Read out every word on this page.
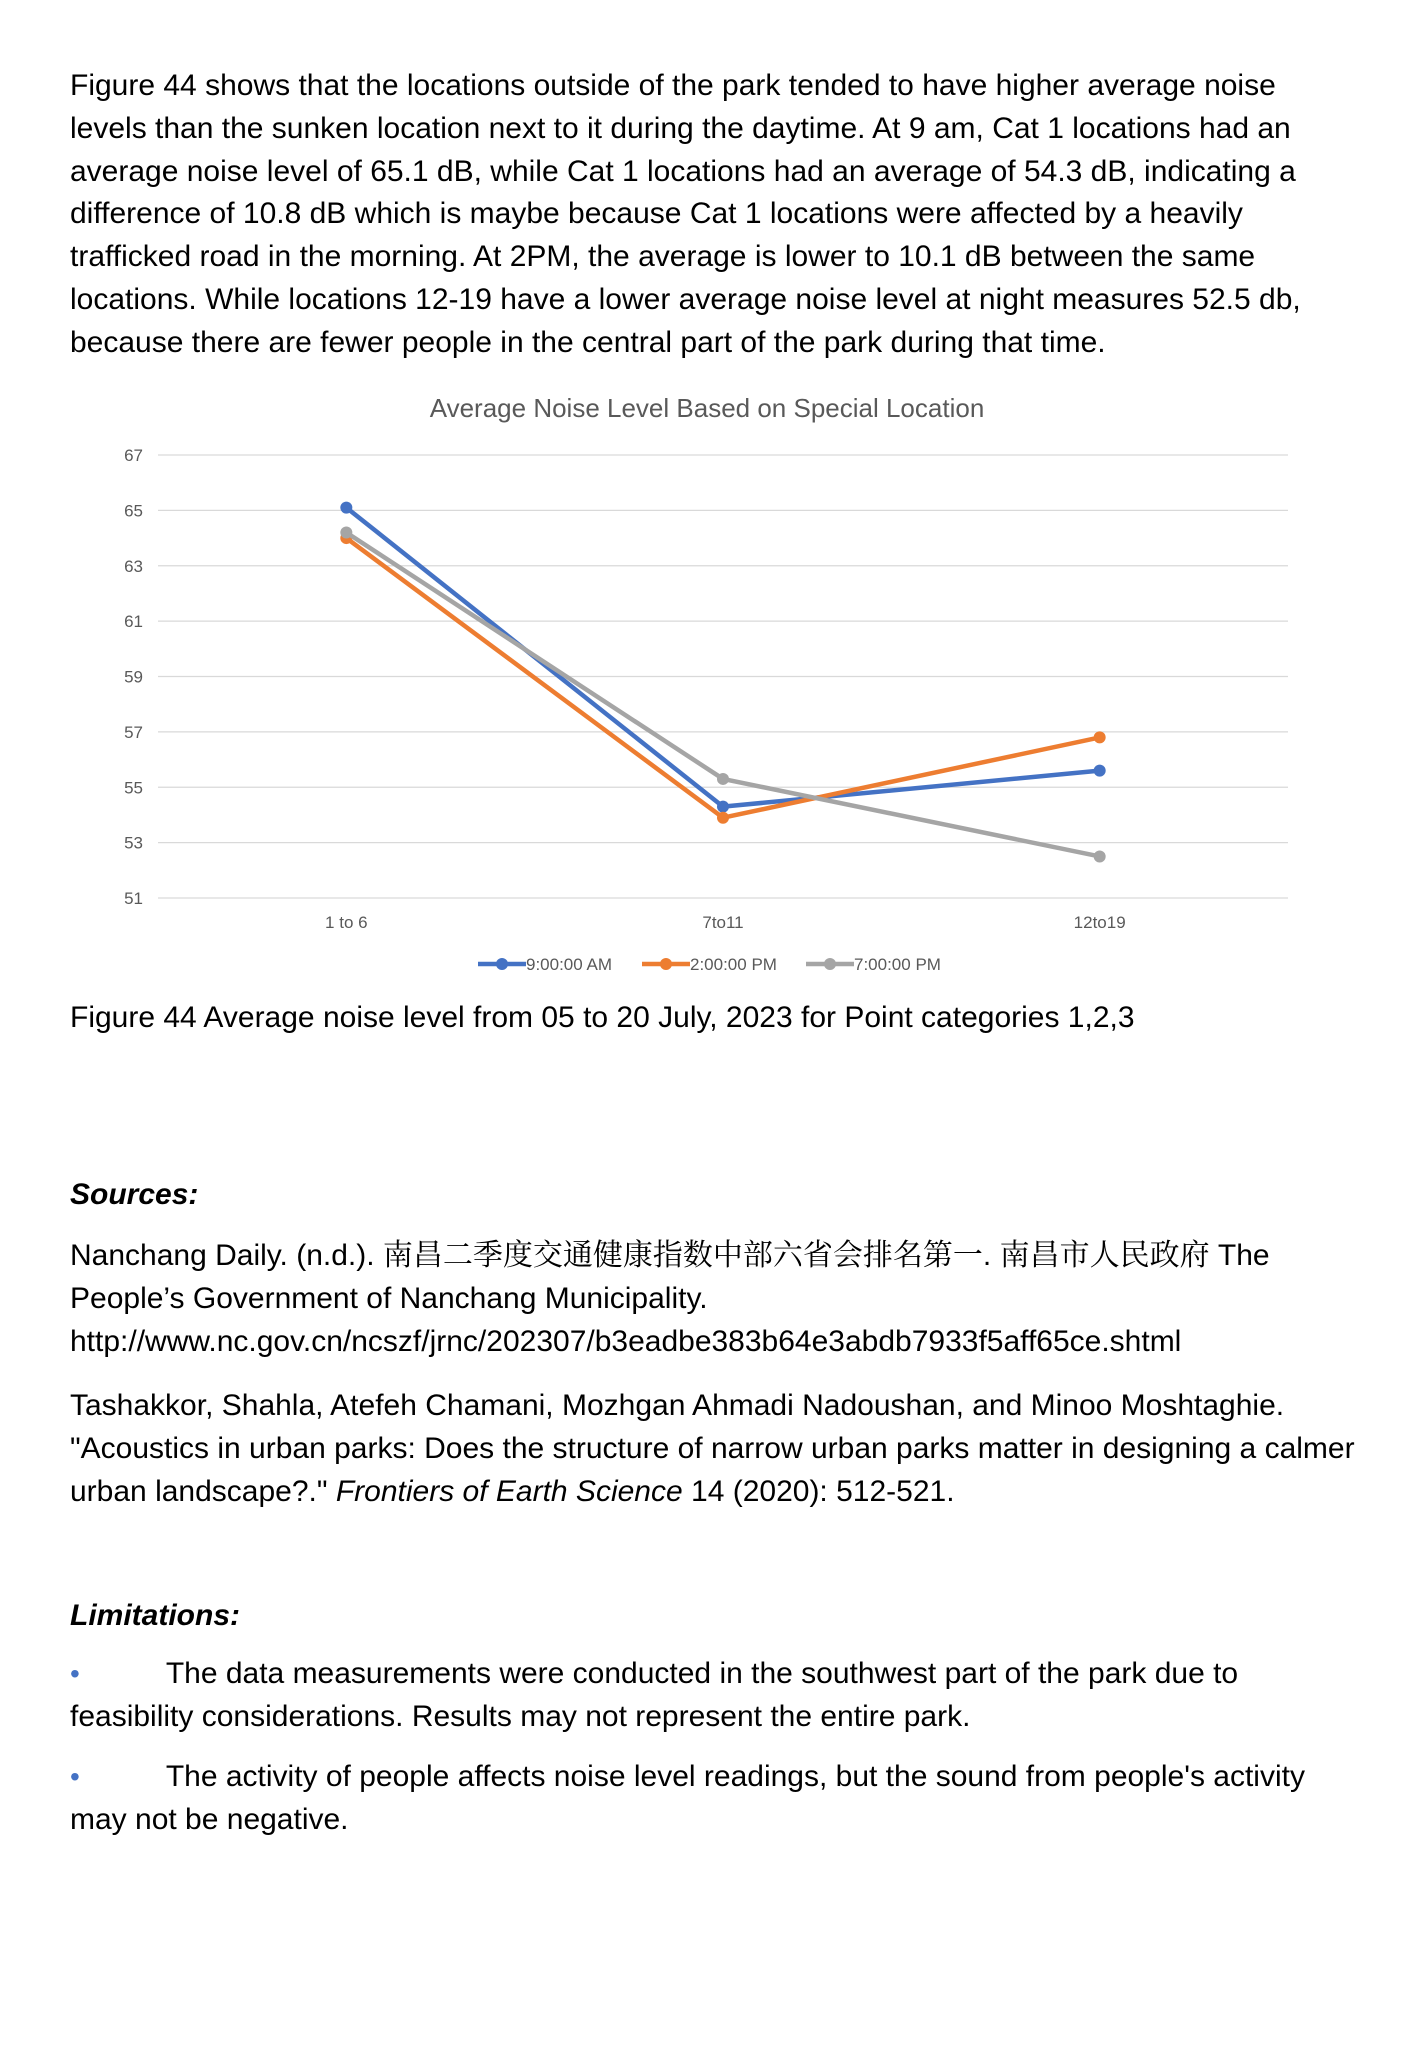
Figure 44 shows that the locations outside of the park tended to have higher average noise levels than the sunken location next to it during the daytime. At 9 am, Cat 1 locations had an average noise level of 65.1 dB, while Cat 1 locations had an average of 54.3 dB, indicating a difference of 10.8 dB which is maybe because Cat 1 locations were affected by a heavily trafficked road in the morning. At 2PM, the average is lower to 10.1 dB between the same locations. While locations 12-19 have a lower average noise level at night measures 52.5 db, because there are fewer people in the central part of the park during that time.

Average Noise Level Based on Special Location
51
53
55
57
59
61
63
65
67
1 to 6	7to11	12to19
9:00:00 AM	2:00:00 PM	7:00:00 PM

Figure 44 Average noise level from 05 to 20 July, 2023 for Point categories 1,2,3

Sources:

Nanchang Daily. (n.d.). 南昌二季度交通健康指数中部六省会排名第一. 南昌市人民政府 The People’s Government of Nanchang Municipality.
http://www.nc.gov.cn/ncszf/jrnc/202307/b3eadbe383b64e3abdb7933f5aff65ce.shtml

Tashakkor, Shahla, Atefeh Chamani, Mozhgan Ahmadi Nadoushan, and Minoo Moshtaghie. "Acoustics in urban parks: Does the structure of narrow urban parks matter in designing a calmer urban landscape?." Frontiers of Earth Science 14 (2020): 512-521.

Limitations:

•	The data measurements were conducted in the southwest part of the park due to feasibility considerations. Results may not represent the entire park.

•	The activity of people affects noise level readings, but the sound from people's activity may not be negative.
